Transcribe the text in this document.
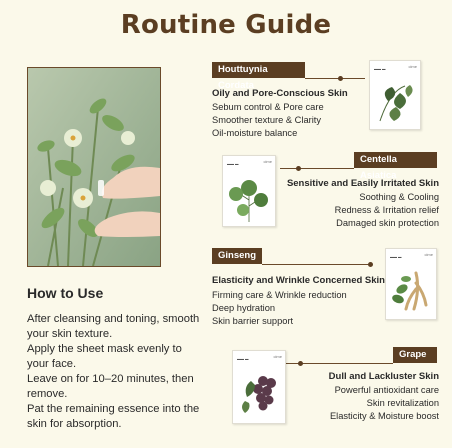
Routine Guide
How to Use

After cleansing and toning, smooth your skin texture.

Apply the sheet mask evenly to your face.

Leave on for 10–20 minutes, then remove.

Pat the remaining essence into the skin for absorption.

Houttuynia Cordata
cime
▬▬ ▬
Oily and Pore-Conscious Skin
Sebum control & Pore care
Smoother texture & Clarity
Oil-moisture balance
Centella Asiatica
cime
▬▬ ▬
Sensitive and Easily Irritated Skin
Soothing & Cooling
Redness & Irritation relief
Damaged skin protection
Ginseng	cime
▬▬ ▬
Elasticity and Wrinkle Concerned Skin
Firming care & Wrinkle reduction
Deep hydration
Skin barrier support
Grape
cime
▬▬ ▬
Dull and Lackluster Skin
Powerful antioxidant care
Skin revitalization
Elasticity & Moisture boost
